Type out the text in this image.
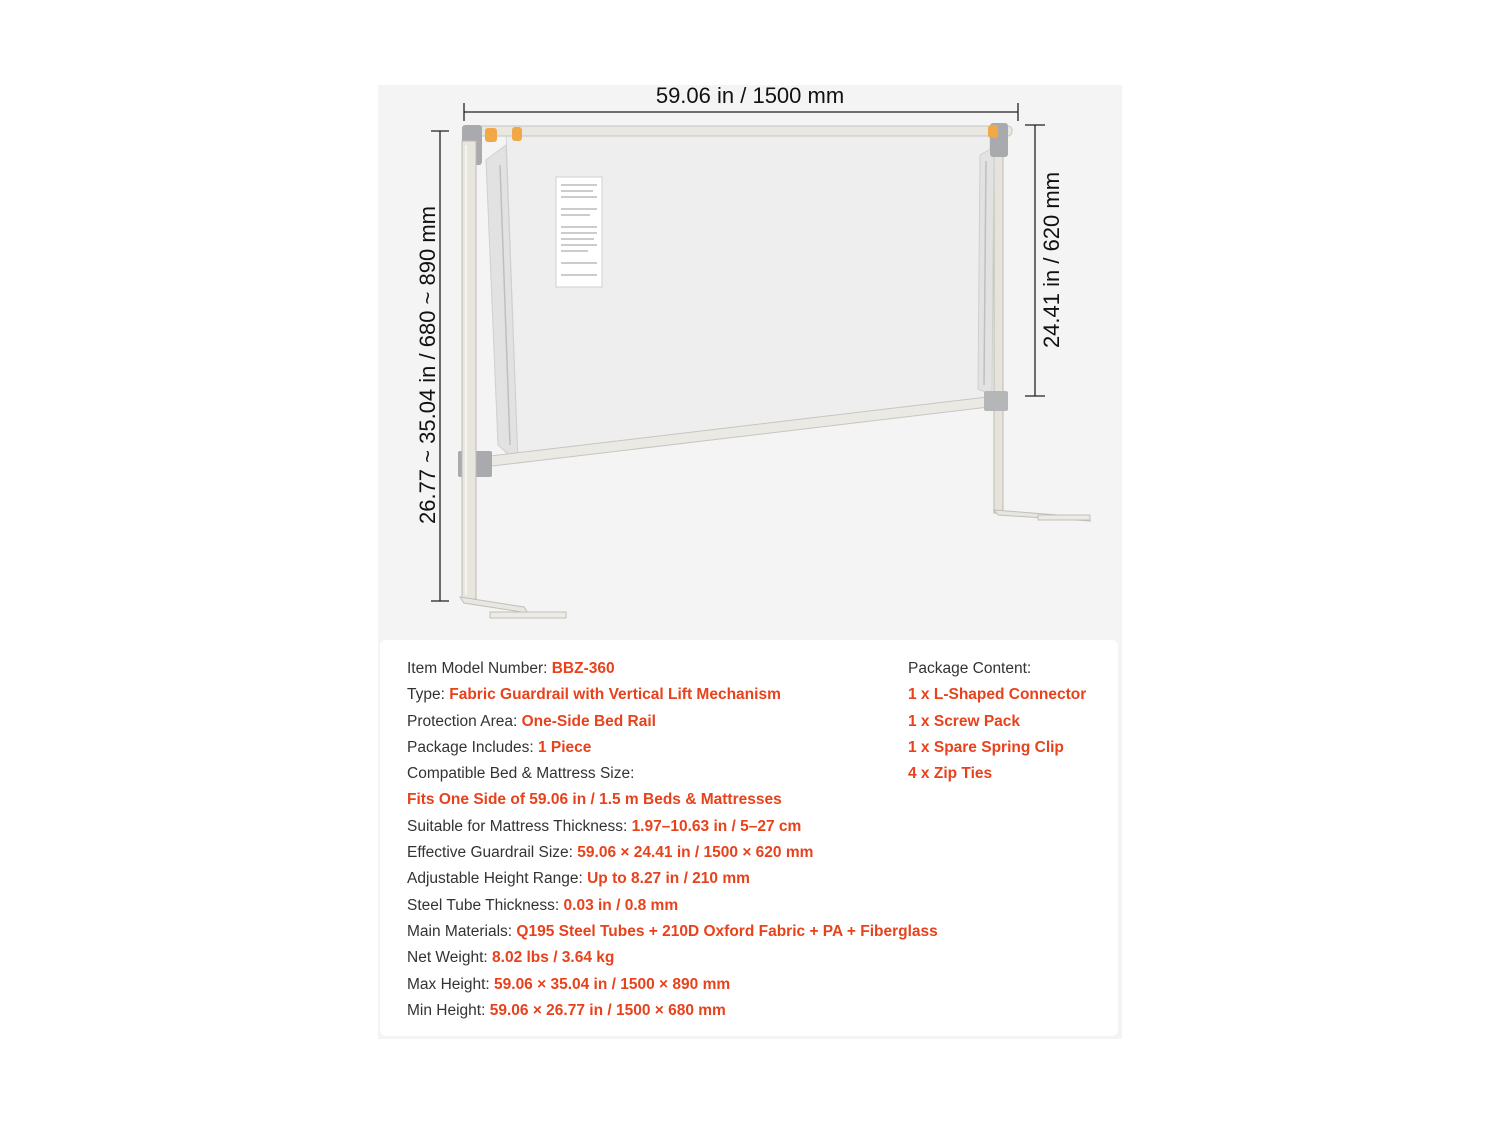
59.06 in / 1500 mm
26.77 ~ 35.04 in / 680 ~ 890 mm	24.41 in / 620 mm
Item Model Number: BBZ-360
Type: Fabric Guardrail with Vertical Lift Mechanism
Protection Area: One-Side Bed Rail
Package Includes: 1 Piece
Compatible Bed & Mattress Size:
Fits One Side of 59.06 in / 1.5 m Beds & Mattresses
Suitable for Mattress Thickness: 1.97–10.63 in / 5–27 cm
Effective Guardrail Size: 59.06 × 24.41 in / 1500 × 620 mm
Adjustable Height Range: Up to 8.27 in / 210 mm
Steel Tube Thickness: 0.03 in / 0.8 mm
Main Materials: Q195 Steel Tubes + 210D Oxford Fabric + PA + Fiberglass
Net Weight: 8.02 lbs / 3.64 kg
Max Height: 59.06 × 35.04 in / 1500 × 890 mm
Min Height: 59.06 × 26.77 in / 1500 × 680 mm
Package Content:
1 x L-Shaped Connector
1 x Screw Pack
1 x Spare Spring Clip
4 x Zip Ties
